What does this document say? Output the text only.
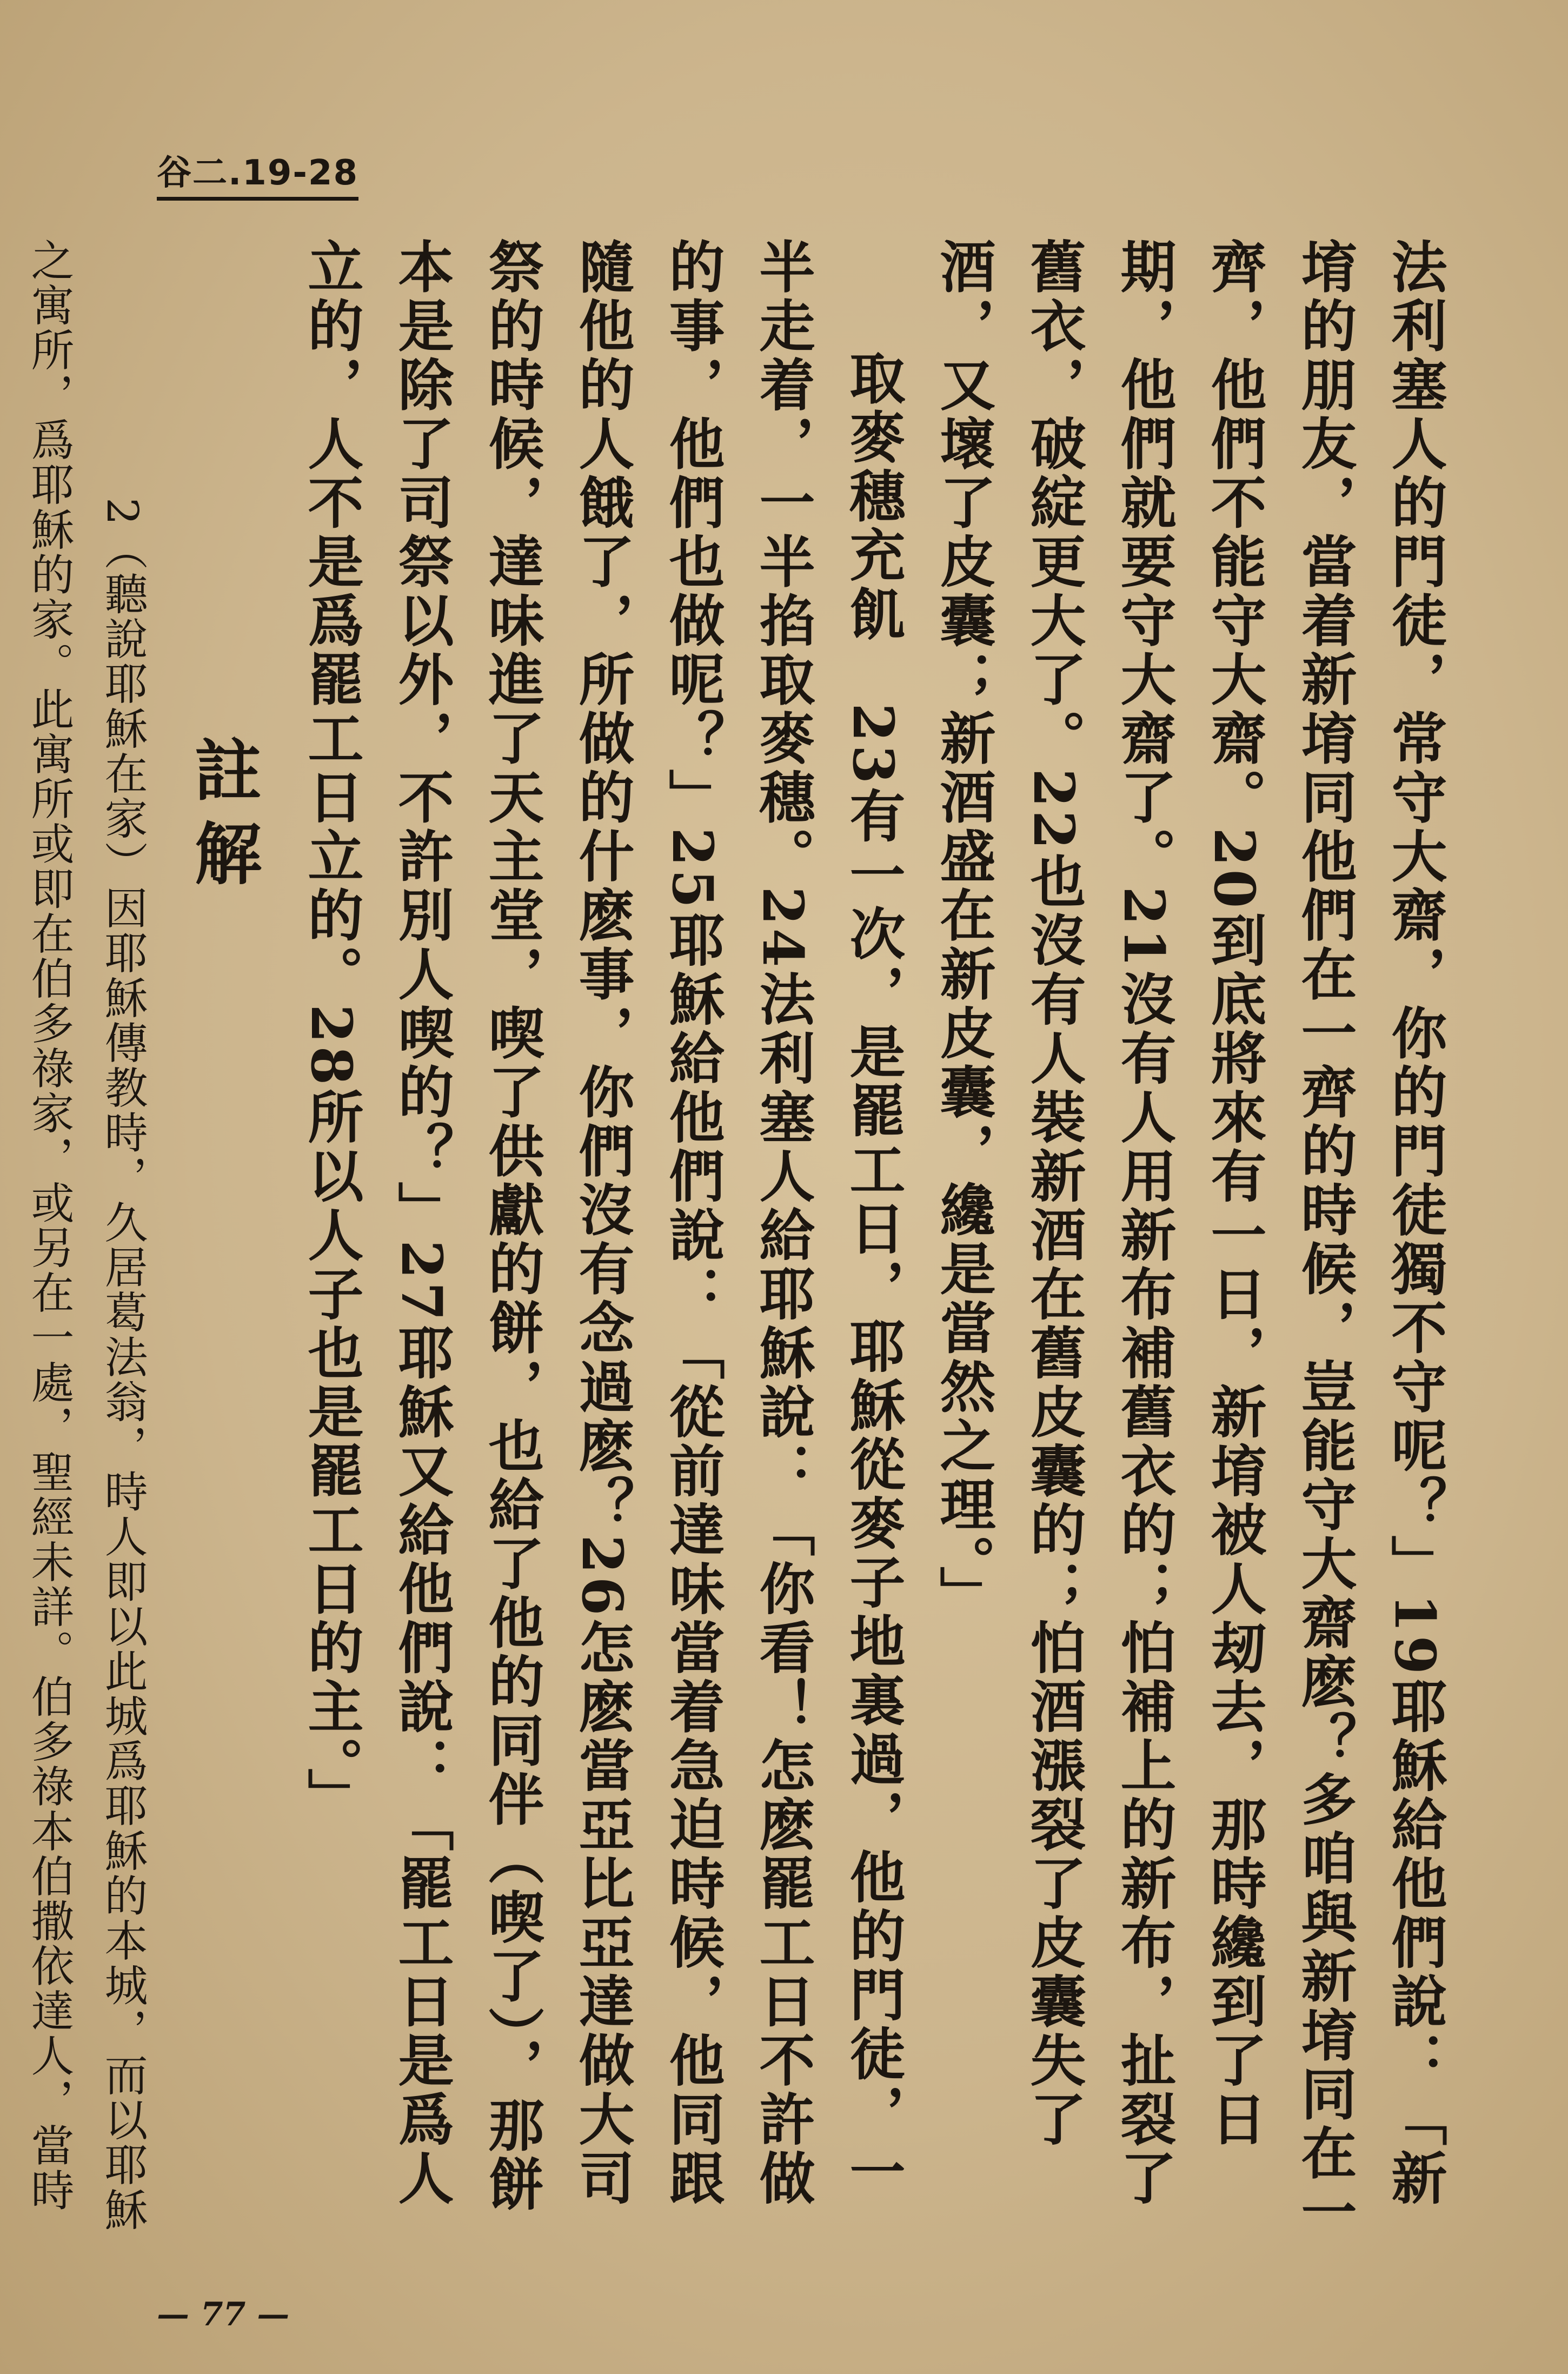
谷二.19-28

法利塞人的門徒，常守大齋，你的門徒獨不守呢？」19耶穌給他們說：「新堉的朋友，當着新堉同他們在一齊的時候，豈能守大齋麽？多咱與新堉同在一齊，他們不能守大齋。20到底將來有一日，新堉被人刼去，那時纔到了日期，他們就要守大齋了。21沒有人用新布補舊衣的；怕補上的新布，扯裂了舊衣，破綻更大了。22也沒有人裝新酒在舊皮囊的；怕酒漲裂了皮囊失了酒，又壞了皮囊；新酒盛在新皮囊，纔是當然之理。」

取麥穗充飢　23有一次，是罷工日，耶穌從麥子地裏過，他的門徒，一半走着，一半掐取麥穗。24法利塞人給耶穌說：「你看！怎麽罷工日不許做的事，他們也做呢？」25耶穌給他們說：「從前達味當着急迫時候，他同跟隨他的人餓了，所做的什麽事，你們沒有念過麽？26怎麽當亞比亞達做大司祭的時候，達味進了天主堂，喫了供獻的餅，也給了他的同伴（喫了），那餅本是除了司祭以外，不許別人喫的？」27耶穌又給他們說：「罷工日是爲人立的，人不是爲罷工日立的。28所以人子也是罷工日的主。」

註解

2（聽說耶穌在家）因耶穌傳教時，久居葛法翁，時人即以此城爲耶穌的本城，而以耶穌之寓所，爲耶穌的家。此寓所或即在伯多祿家，或另在一處，聖經未詳。伯多祿本伯撒依達人，當時

— 77 —
